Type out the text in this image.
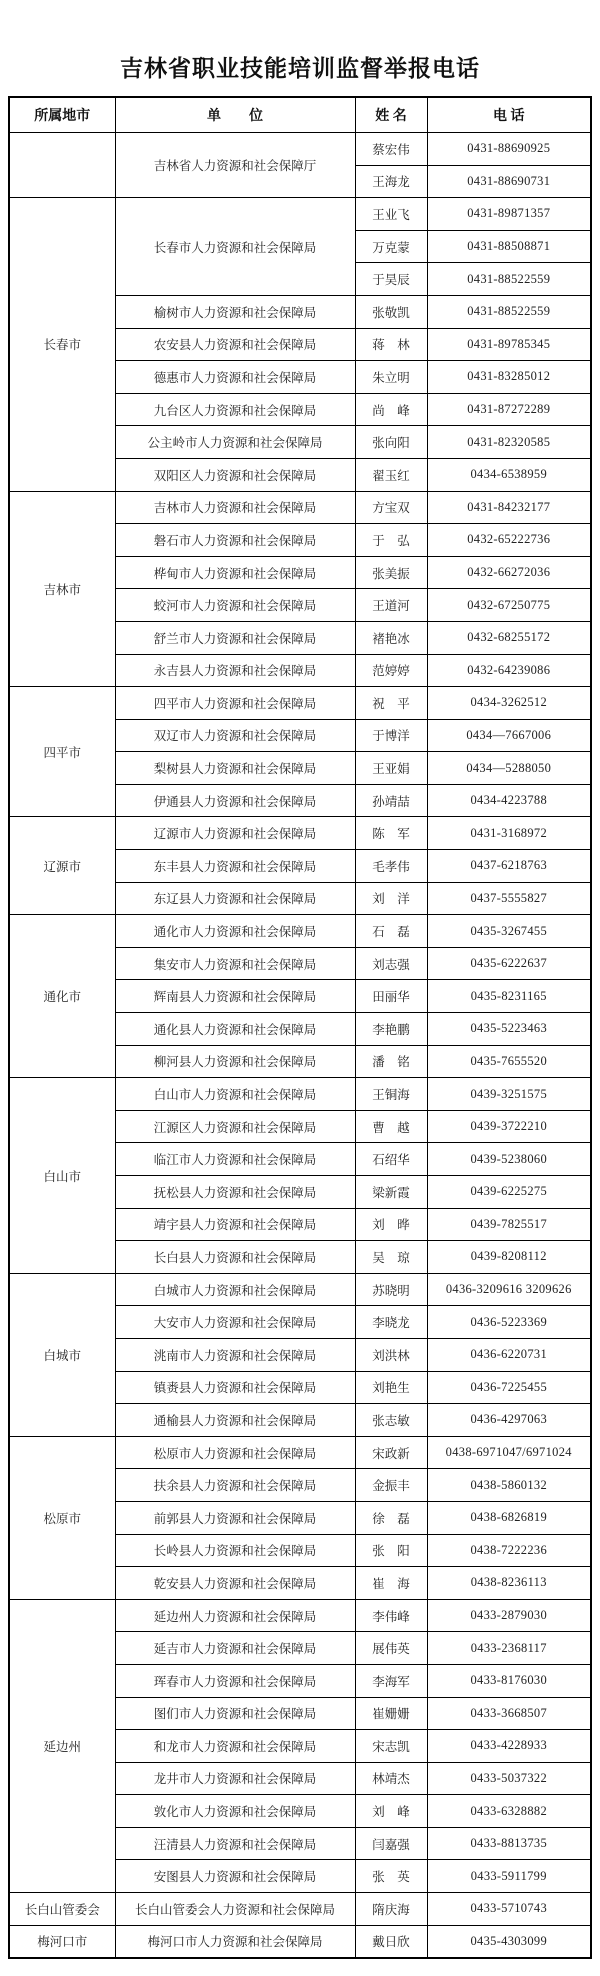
吉林省职业技能培训监督举报电话
所属地市	单　　位	姓 名	电 话
	吉林省人力资源和社会保障厅	蔡宏伟	0431-88690925
		王海龙	0431-88690731
长春市	长春市人力资源和社会保障局	王业飞	0431-89871357
		万克蒙	0431-88508871
		于昊辰	0431-88522559
	榆树市人力资源和社会保障局	张敬凯	0431-88522559
	农安县人力资源和社会保障局	蒋　林	0431-89785345
	德惠市人力资源和社会保障局	朱立明	0431-83285012
	九台区人力资源和社会保障局	尚　峰	0431-87272289
	公主岭市人力资源和社会保障局	张向阳	0431-82320585
	双阳区人力资源和社会保障局	翟玉红	0434-6538959
吉林市	吉林市人力资源和社会保障局	方宝双	0431-84232177
	磐石市人力资源和社会保障局	于　弘	0432-65222736
	桦甸市人力资源和社会保障局	张美振	0432-66272036
	蛟河市人力资源和社会保障局	王道河	0432-67250775
	舒兰市人力资源和社会保障局	褚艳冰	0432-68255172
	永吉县人力资源和社会保障局	范婷婷	0432-64239086
四平市	四平市人力资源和社会保障局	祝　平	0434-3262512
	双辽市人力资源和社会保障局	于博洋	0434—7667006
	梨树县人力资源和社会保障局	王亚娟	0434—5288050
	伊通县人力资源和社会保障局	孙靖喆	0434-4223788
辽源市	辽源市人力资源和社会保障局	陈　军	0431-3168972
	东丰县人力资源和社会保障局	毛孝伟	0437-6218763
	东辽县人力资源和社会保障局	刘　洋	0437-5555827
通化市	通化市人力资源和社会保障局	石　磊	0435-3267455
	集安市人力资源和社会保障局	刘志强	0435-6222637
	辉南县人力资源和社会保障局	田丽华	0435-8231165
	通化县人力资源和社会保障局	李艳鹏	0435-5223463
	柳河县人力资源和社会保障局	潘　铭	0435-7655520
白山市	白山市人力资源和社会保障局	王铜海	0439-3251575
	江源区人力资源和社会保障局	曹　越	0439-3722210
	临江市人力资源和社会保障局	石绍华	0439-5238060
	抚松县人力资源和社会保障局	梁新霞	0439-6225275
	靖宇县人力资源和社会保障局	刘　晔	0439-7825517
	长白县人力资源和社会保障局	吴　琼	0439-8208112
白城市	白城市人力资源和社会保障局	苏晓明	0436-3209616 3209626
	大安市人力资源和社会保障局	李晓龙	0436-5223369
	洮南市人力资源和社会保障局	刘洪林	0436-6220731
	镇赉县人力资源和社会保障局	刘艳生	0436-7225455
	通榆县人力资源和社会保障局	张志敏	0436-4297063
松原市	松原市人力资源和社会保障局	宋政新	0438-6971047/6971024
	扶余县人力资源和社会保障局	金振丰	0438-5860132
	前郭县人力资源和社会保障局	徐　磊	0438-6826819
	长岭县人力资源和社会保障局	张　阳	0438-7222236
	乾安县人力资源和社会保障局	崔　海	0438-8236113
延边州	延边州人力资源和社会保障局	李伟峰	0433-2879030
	延吉市人力资源和社会保障局	展伟英	0433-2368117
	珲春市人力资源和社会保障局	李海军	0433-8176030
	图们市人力资源和社会保障局	崔姗姗	0433-3668507
	和龙市人力资源和社会保障局	宋志凯	0433-4228933
	龙井市人力资源和社会保障局	林靖杰	0433-5037322
	敦化市人力资源和社会保障局	刘　峰	0433-6328882
	汪清县人力资源和社会保障局	闫嘉强	0433-8813735
	安图县人力资源和社会保障局	张　英	0433-5911799
长白山管委会	长白山管委会人力资源和社会保障局	隋庆海	0433-5710743
梅河口市	梅河口市人力资源和社会保障局	戴日欣	0435-4303099
